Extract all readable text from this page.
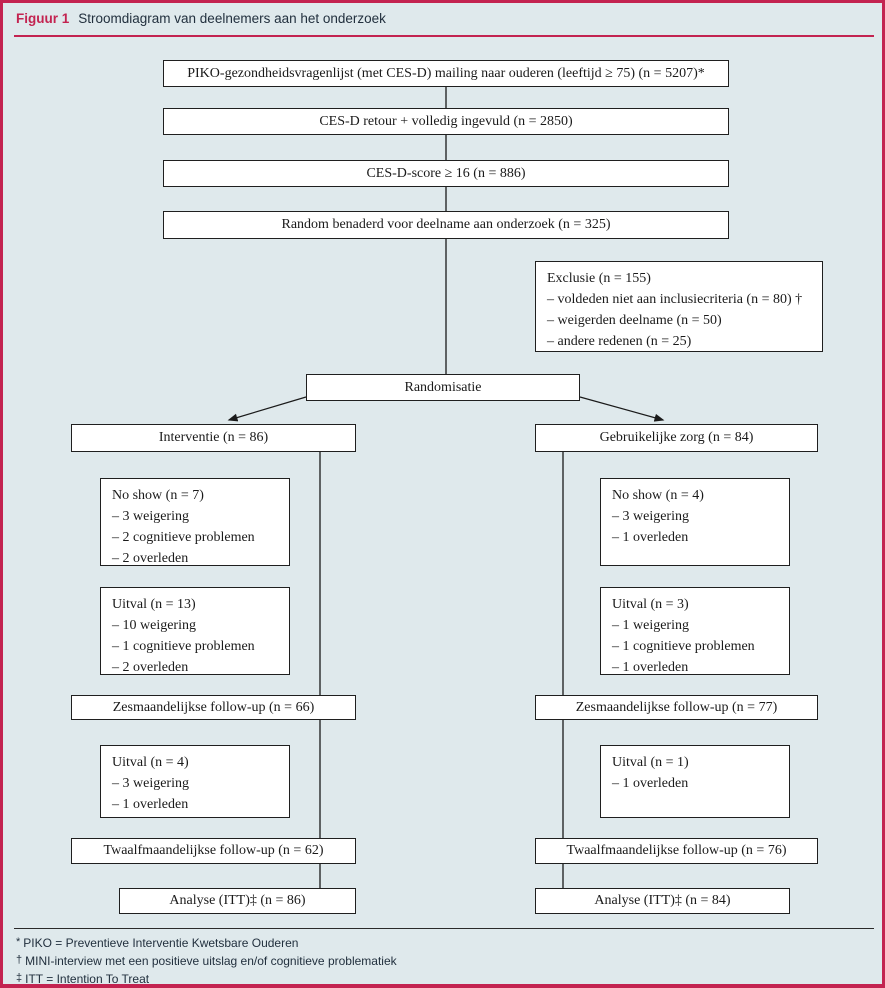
Figuur 1 Stroomdiagram van deelnemers aan het onderzoek
PIKO-gezondheidsvragenlijst (met CES-D) mailing naar ouderen (leeftijd ≥ 75) (n = 5207)*
CES-D retour + volledig ingevuld (n = 2850)
CES-D-score ≥ 16 (n = 886)
Random benaderd voor deelname aan onderzoek (n = 325)
Exclusie (n = 155)
– voldeden niet aan inclusiecriteria (n = 80) †
– weigerden deelname (n = 50)
– andere redenen (n = 25)
Randomisatie
Interventie (n = 86)	Gebruikelijke zorg (n = 84)
No show (n = 7)
– 3 weigering
– 2 cognitieve problemen
– 2 overleden
No show (n = 4)
– 3 weigering
– 1 overleden
Uitval (n = 13)
– 10 weigering
– 1 cognitieve problemen
– 2 overleden
Uitval (n = 3)
– 1 weigering
– 1 cognitieve problemen
– 1 overleden
Zesmaandelijkse follow-up (n = 66)	Zesmaandelijkse follow-up (n = 77)
Uitval (n = 4)
– 3 weigering
– 1 overleden
Uitval (n = 1)
– 1 overleden
Twaalfmaandelijkse follow-up (n = 62)	Twaalfmaandelijkse follow-up (n = 76)
Analyse (ITT)‡ (n = 86)	Analyse (ITT)‡ (n = 84)
* PIKO = Preventieve Interventie Kwetsbare Ouderen
† MINI-interview met een positieve uitslag en/of cognitieve problematiek
‡ ITT = Intention To Treat
